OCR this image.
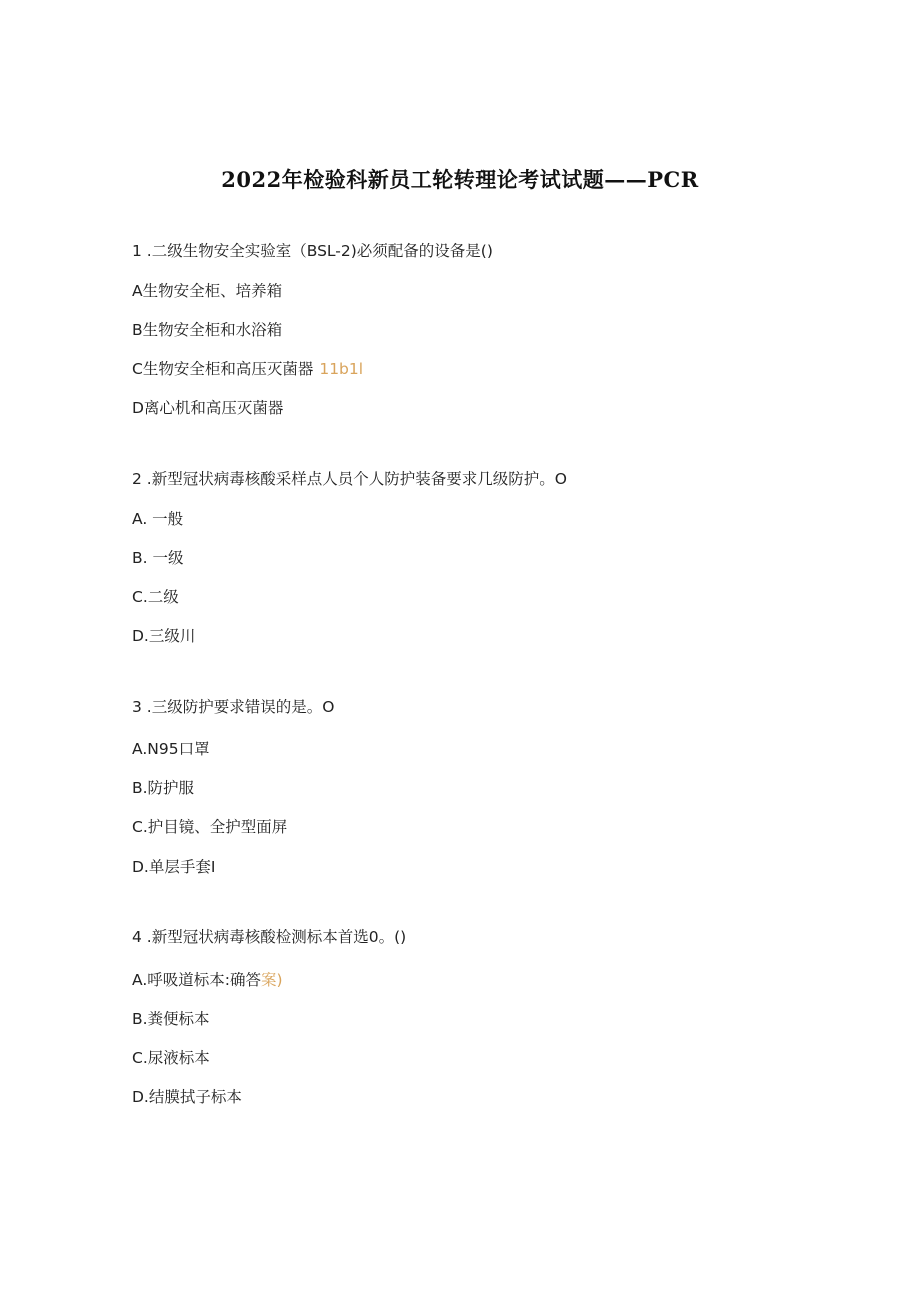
2022年检验科新员工轮转理论考试试题——PCR
1 .二级生物安全实验室（BSL-2)必须配备的设备是()
A生物安全柜、培养箱
B生物安全柜和水浴箱
C生物安全柜和高压灭菌器 11b1l
D离心机和高压灭菌器
2 .新型冠状病毒核酸采样点人员个人防护装备要求几级防护。O
A. 一般
B. 一级
C.二级
D.三级川
3 .三级防护要求错误的是。O
A.N95口罩
B.防护服
C.护目镜、全护型面屏
D.单层手套I
4 .新型冠状病毒核酸检测标本首选0。()
A.呼吸道标本:确答案)
B.粪便标本
C.尿液标本
D.结膜拭子标本
